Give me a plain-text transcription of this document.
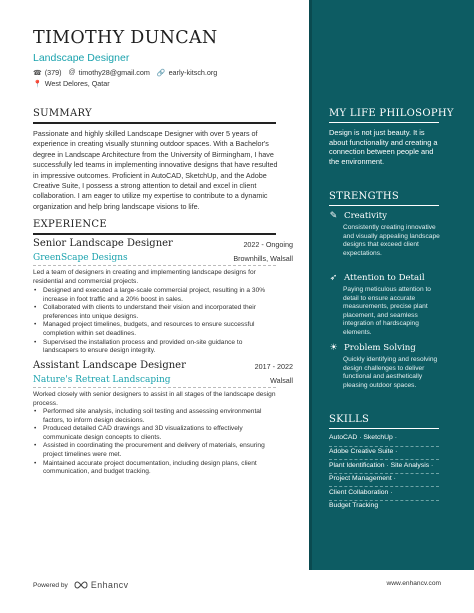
TIMOTHY DUNCAN
Landscape Designer
☎ (379) @ timothy28@gmail.com 🔗 early-kitsch.org
📍 West Delores, Qatar
SUMMARY
Passionate and highly skilled Landscape Designer with over 5 years of experience in creating visually stunning outdoor spaces. With a Bachelor's degree in Landscape Architecture from the University of Birmingham, I have successfully led teams in implementing innovative designs that have resulted in impressive outcomes. Proficient in AutoCAD, SketchUp, and the Adobe Creative Suite, I possess a strong attention to detail and excel in client collaboration. I am eager to utilize my expertise to contribute to a dynamic organization and help bring landscape visions to life.
EXPERIENCE
Senior Landscape Designer	2022 - Ongoing
GreenScape Designs	Brownhills, Walsall
Led a team of designers in creating and implementing landscape designs for residential and commercial projects.
• Designed and executed a large-scale commercial project, resulting in a 30% increase in foot traffic and a 20% boost in sales.
• Collaborated with clients to understand their vision and incorporated their preferences into unique designs.
• Managed project timelines, budgets, and resources to ensure successful completion within set deadlines.
• Supervised the installation process and provided on-site guidance to landscapers to ensure design integrity.
Assistant Landscape Designer	2017 - 2022
Nature's Retreat Landscaping	Walsall
Worked closely with senior designers to assist in all stages of the landscape design process.
• Performed site analysis, including soil testing and assessing environmental factors, to inform design decisions.
• Produced detailed CAD drawings and 3D visualizations to effectively communicate design concepts to clients.
• Assisted in coordinating the procurement and delivery of materials, ensuring project timelines were met.
• Maintained accurate project documentation, including design plans, client communication, and budget tracking.
MY LIFE PHILOSOPHY
Design is not just beauty. It is about functionality and creating a connection between people and the environment.
STRENGTHS
✎ Creativity
Consistently creating innovative and visually appealing landscape designs that exceed client expectations.
➶ Attention to Detail
Paying meticulous attention to detail to ensure accurate measurements, precise plant placement, and seamless integration of hardscaping elements.
☀ Problem Solving
Quickly identifying and resolving design challenges to deliver functional and aesthetically pleasing outdoor spaces.
SKILLS
AutoCAD · SketchUp ·
Adobe Creative Suite ·
Plant Identification · Site Analysis ·
Project Management ·
Client Collaboration ·
Budget Tracking
Powered by	Enhancv	www.enhancv.com
